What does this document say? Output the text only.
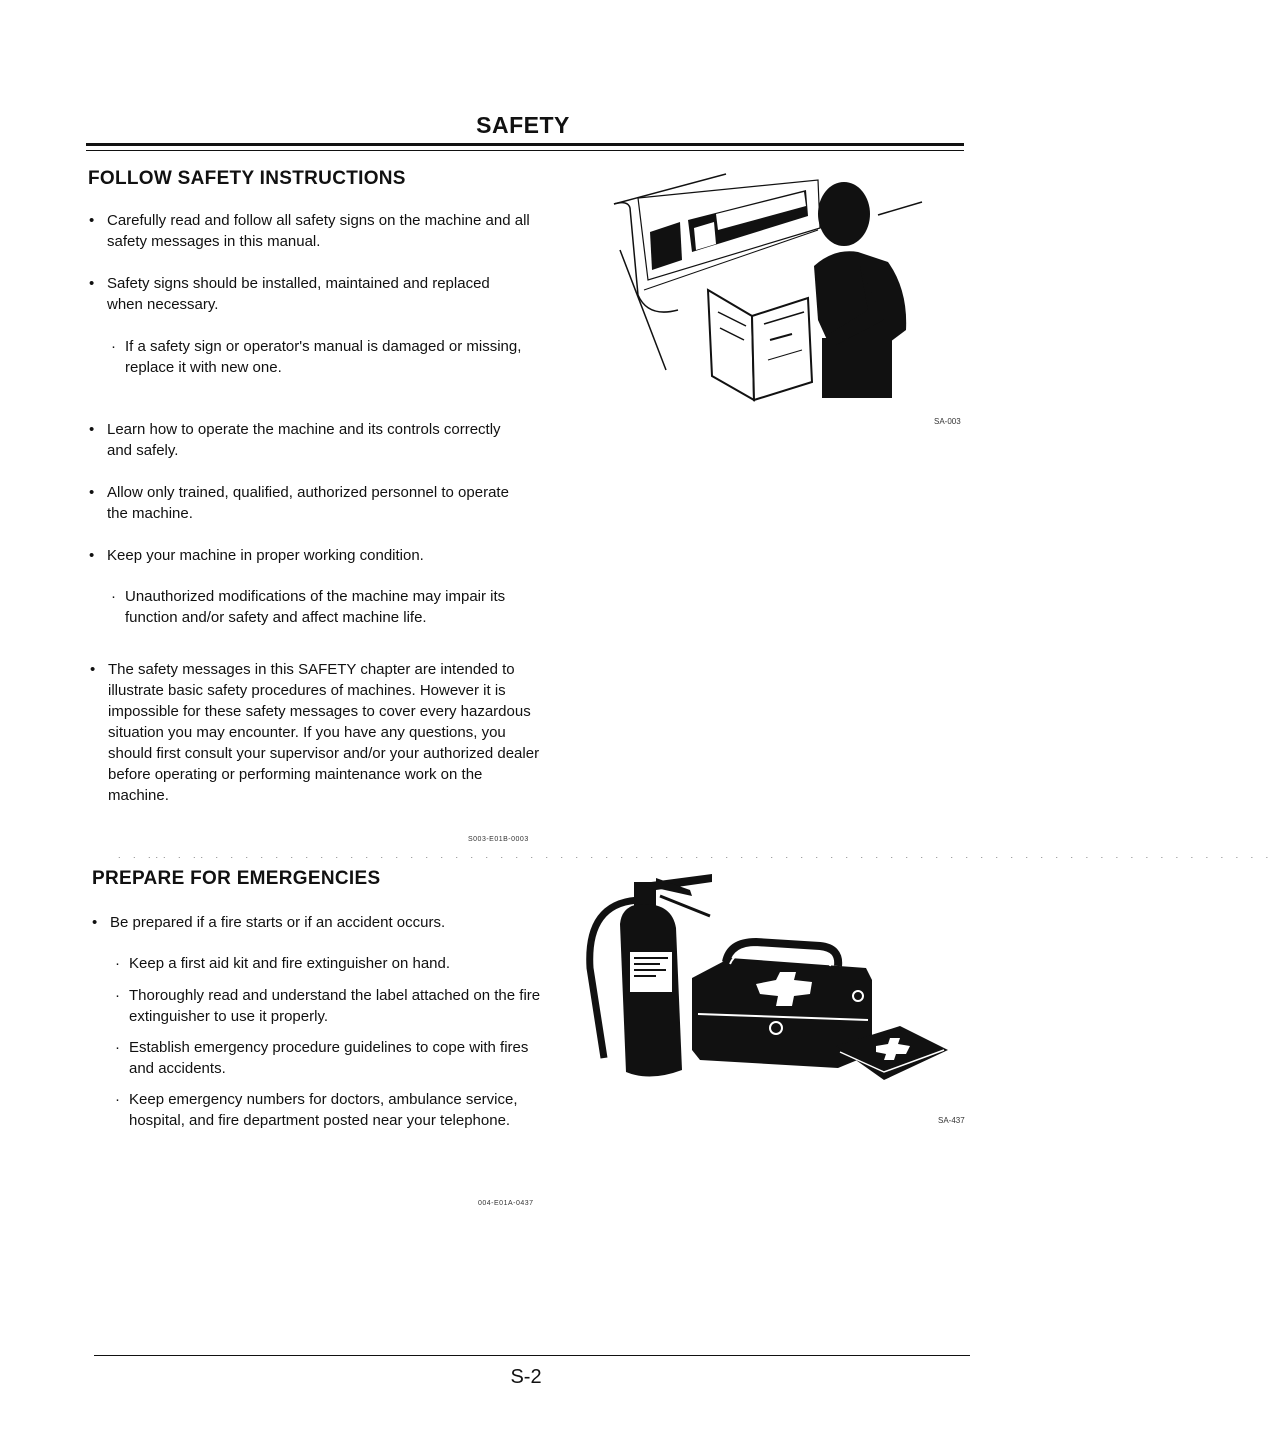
SAFETY
FOLLOW SAFETY INSTRUCTIONS
• Carefully read and follow all safety signs on the machine and all safety messages in this manual.
• Safety signs should be installed, maintained and replaced when necessary.
· If a safety sign or operator's manual is damaged or missing, replace it with new one.
• Learn how to operate the machine and its controls correctly and safely.
• Allow only trained, qualified, authorized personnel to operate the machine.
• Keep your machine in proper working condition.
· Unauthorized modifications of the machine may impair its function and/or safety and affect machine life.
• The safety messages in this SAFETY chapter are intended to illustrate basic safety procedures of machines. However it is impossible for these safety messages to cover every hazardous situation you may encounter. If you have any questions, you should first consult your supervisor and/or your authorized dealer before operating or performing maintenance work on the machine.
S003-E01B-0003
SA-003
. . ... . .. . . . . . . . . . . . . . . . . . . . . . . . . . . . . . . . . . . . . . . . . . . . . . . . . . . . . . . . . . . . . . . . . . . . . . . .
PREPARE FOR EMERGENCIES
• Be prepared if a fire starts or if an accident occurs.
· Keep a first aid kit and fire extinguisher on hand.
· Thoroughly read and understand the label attached on the fire extinguisher to use it properly.
· Establish emergency procedure guidelines to cope with fires and accidents.
· Keep emergency numbers for doctors, ambulance service, hospital, and fire department posted near your telephone.
004-E01A-0437
SA-437
S-2
